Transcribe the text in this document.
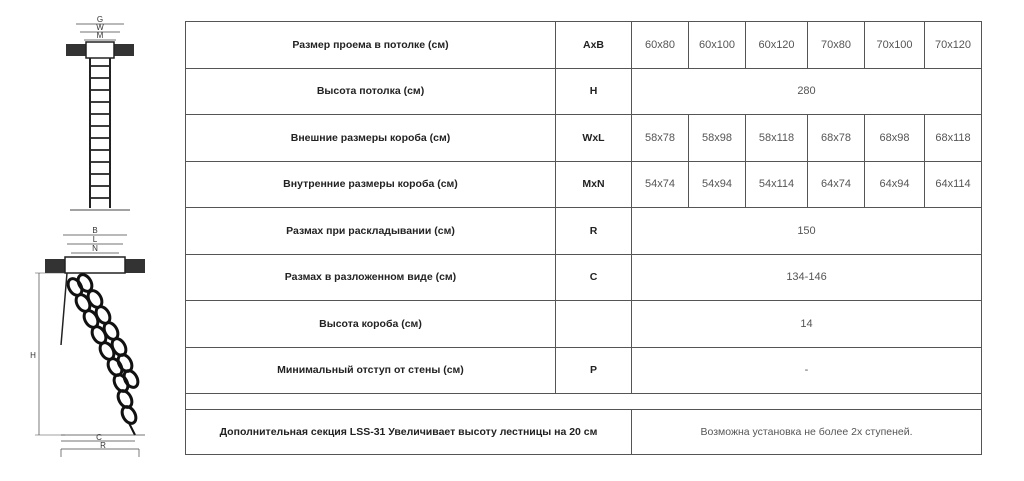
G
W
M
B
L
N
H
C
R
Размер проема в потолке (см)	AxB	60x80	60x100	60x120	70x80	70x100	70x120
Высота потолка (см)	H	280					
Внешние размеры короба (см)	WxL	58x78	58x98	58x118	68x78	68x98	68x118
Внутренние размеры короба (см)	MxN	54x74	54x94	54x114	64x74	64x94	64x114
Размах при раскладывании (см)	R	150					
Размах в разложенном виде (см)	C	134-146					
Высота короба (см)		14					
Минимальный отступ от стены (см)	P	-					

Дополнительная секция LSS-31 Увеличивает высоту лестницы на 20 см		Возможна установка не более 2х ступеней.					
